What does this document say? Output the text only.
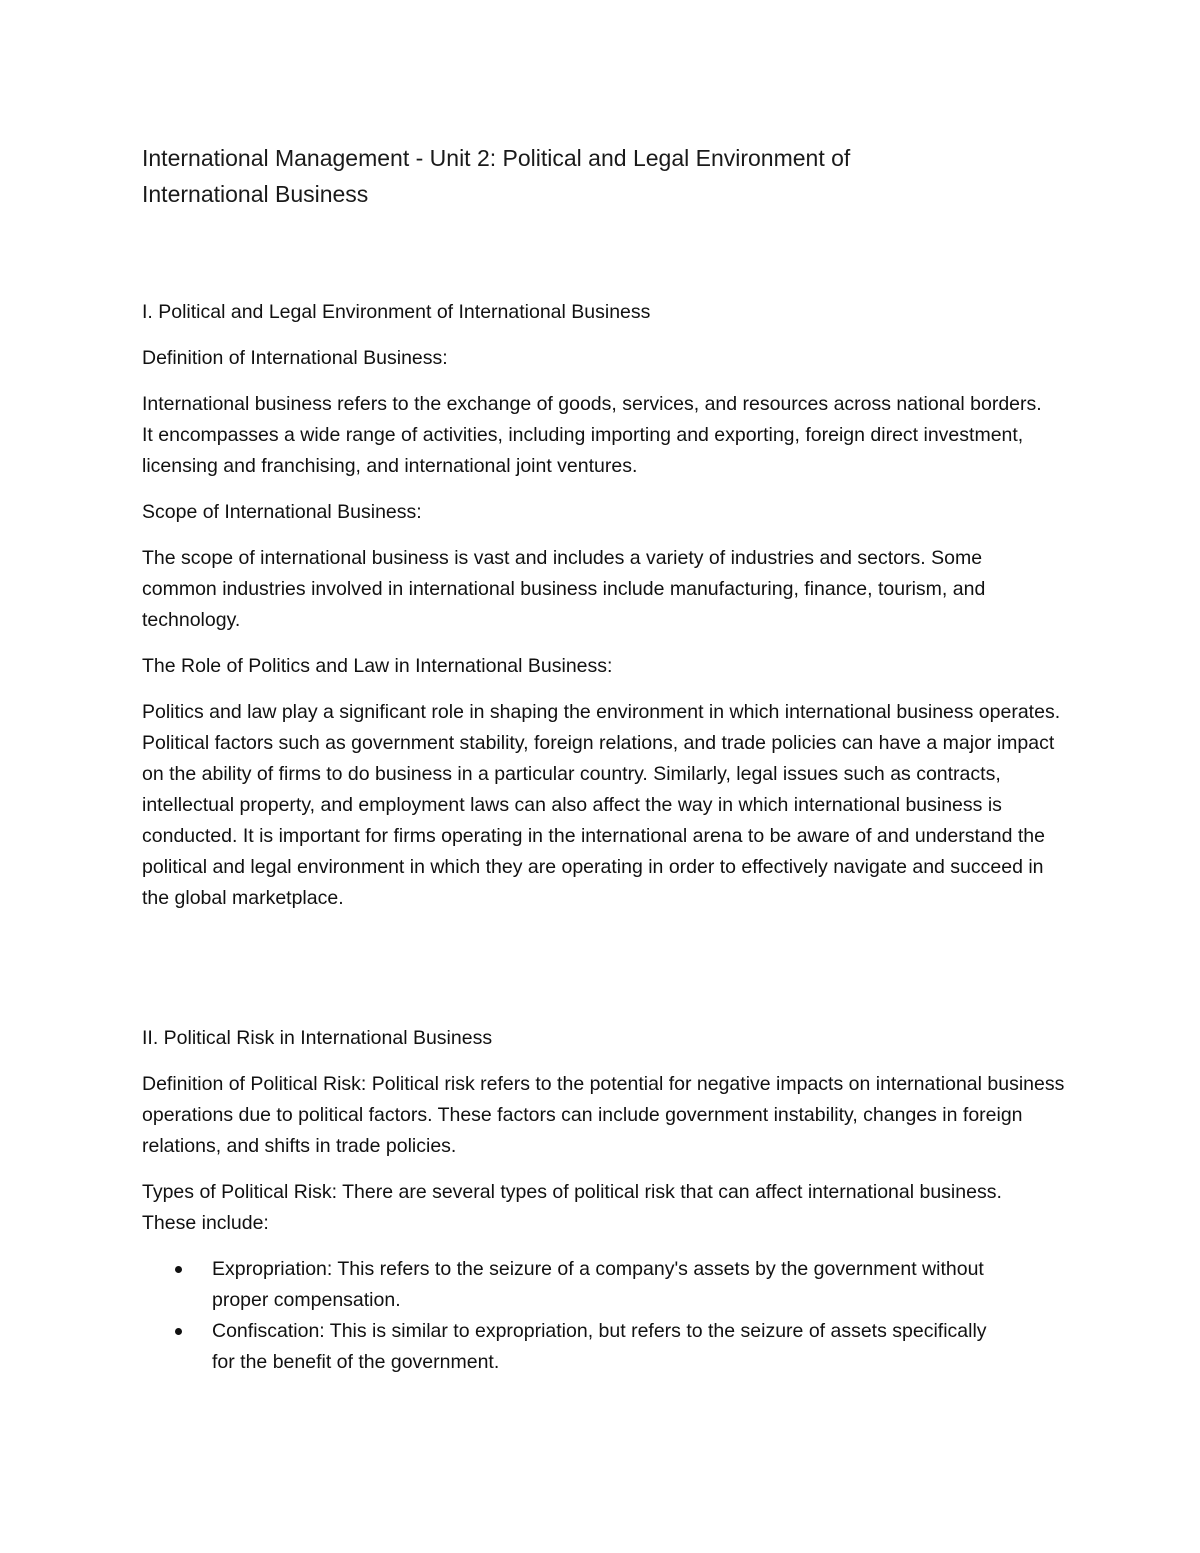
International Management - Unit 2: Political and Legal Environment of International Business
I. Political and Legal Environment of International Business

Definition of International Business:

International business refers to the exchange of goods, services, and resources across national borders. It encompasses a wide range of activities, including importing and exporting, foreign direct investment, licensing and franchising, and international joint ventures.

Scope of International Business:

The scope of international business is vast and includes a variety of industries and sectors. Some common industries involved in international business include manufacturing, finance, tourism, and technology.

The Role of Politics and Law in International Business:

Politics and law play a significant role in shaping the environment in which international business operates. Political factors such as government stability, foreign relations, and trade policies can have a major impact on the ability of firms to do business in a particular country. Similarly, legal issues such as contracts, intellectual property, and employment laws can also affect the way in which international business is conducted. It is important for firms operating in the international arena to be aware of and understand the political and legal environment in which they are operating in order to effectively navigate and succeed in the global marketplace.

II. Political Risk in International Business

Definition of Political Risk: Political risk refers to the potential for negative impacts on international business operations due to political factors. These factors can include government instability, changes in foreign relations, and shifts in trade policies.

Types of Political Risk: There are several types of political risk that can affect international business. These include:

Expropriation: This refers to the seizure of a company's assets by the government without proper compensation.
Confiscation: This is similar to expropriation, but refers to the seizure of assets specifically for the benefit of the government.
